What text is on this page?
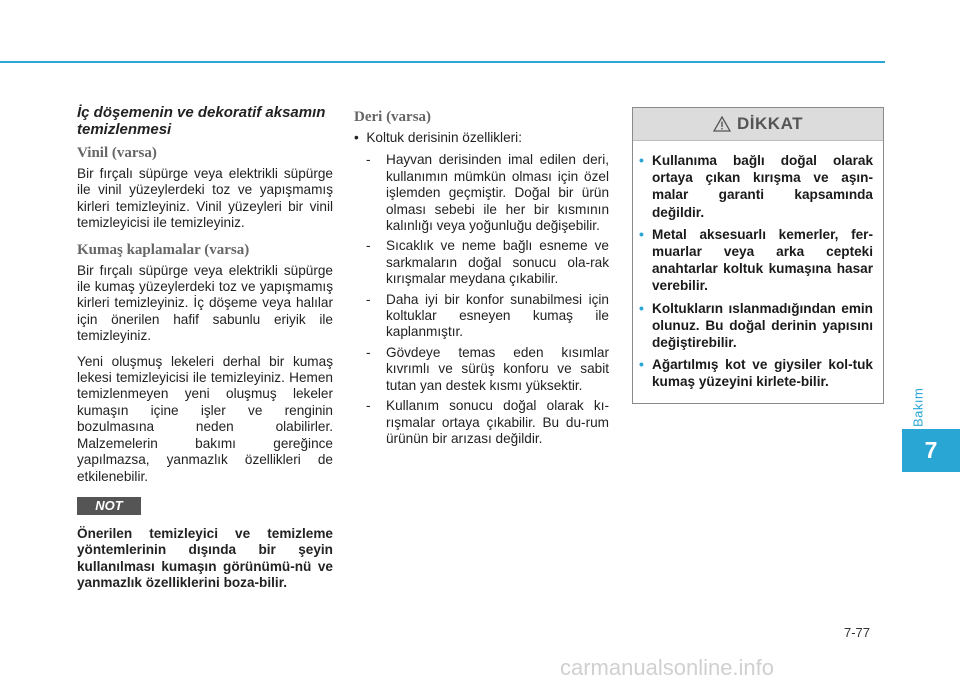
İç döşemenin ve dekoratif aksamın temizlenmesi
Vinil (varsa)

Bir fırçalı süpürge veya elektrikli süpürge ile vinil yüzeylerdeki toz ve yapışmamış kirleri temizleyiniz. Vinil yüzeyleri bir vinil temizleyicisi ile temizleyiniz.

Kumaş kaplamalar (varsa)

Bir fırçalı süpürge veya elektrikli süpürge ile kumaş yüzeylerdeki toz ve yapışmamış kirleri temizleyiniz. İç döşeme veya halılar için önerilen hafif sabunlu eriyik ile temizleyiniz.

Yeni oluşmuş lekeleri derhal bir kumaş lekesi temizleyicisi ile temizleyiniz. Hemen temizlenmeyen yeni oluşmuş lekeler kumaşın içine işler ve renginin bozulmasına neden olabilirler. Malzemelerin bakımı gereğince yapılmazsa, yanmazlık özellikleri de etkilenebilir.

NOT

Önerilen temizleyici ve temizleme yöntemlerinin dışında bir şeyin kullanılması kumaşın görünümü-nü ve yanmazlık özelliklerini boza-bilir.

Deri (varsa)
•  Koltuk derisinin özellikleri:
- Hayvan derisinden imal edilen deri, kullanımın mümkün olması için özel işlemden geçmiştir. Doğal bir ürün olması sebebi ile her bir kısmının kalınlığı veya yoğunluğu değişebilir.
- Sıcaklık ve neme bağlı esneme ve sarkmaların doğal sonucu ola-rak kırışmalar meydana çıkabilir.
- Daha iyi bir konfor sunabilmesi için koltuklar esneyen kumaş ile kaplanmıştır.
- Gövdeye temas eden kısımlar kıvrımlı ve sürüş konforu ve sabit tutan yan destek kısmı yüksektir.
- Kullanım sonucu doğal olarak kı-rışmalar ortaya çıkabilir. Bu du-rum ürünün bir arızası değildir.
DİKKAT
• Kullanıma bağlı doğal olarak ortaya çıkan kırışma ve aşın-malar garanti kapsamında değildir.
• Metal aksesuarlı kemerler, fer-muarlar veya arka cepteki anahtarlar koltuk kumaşına hasar verebilir.
• Koltukların ıslanmadığından emin olunuz. Bu doğal derinin yapısını değiştirebilir.
• Ağartılmış kot ve giysiler kol-tuk kumaş yüzeyini kirlete-bilir.
Bakım
7
7-77
carmanualsonline.info
